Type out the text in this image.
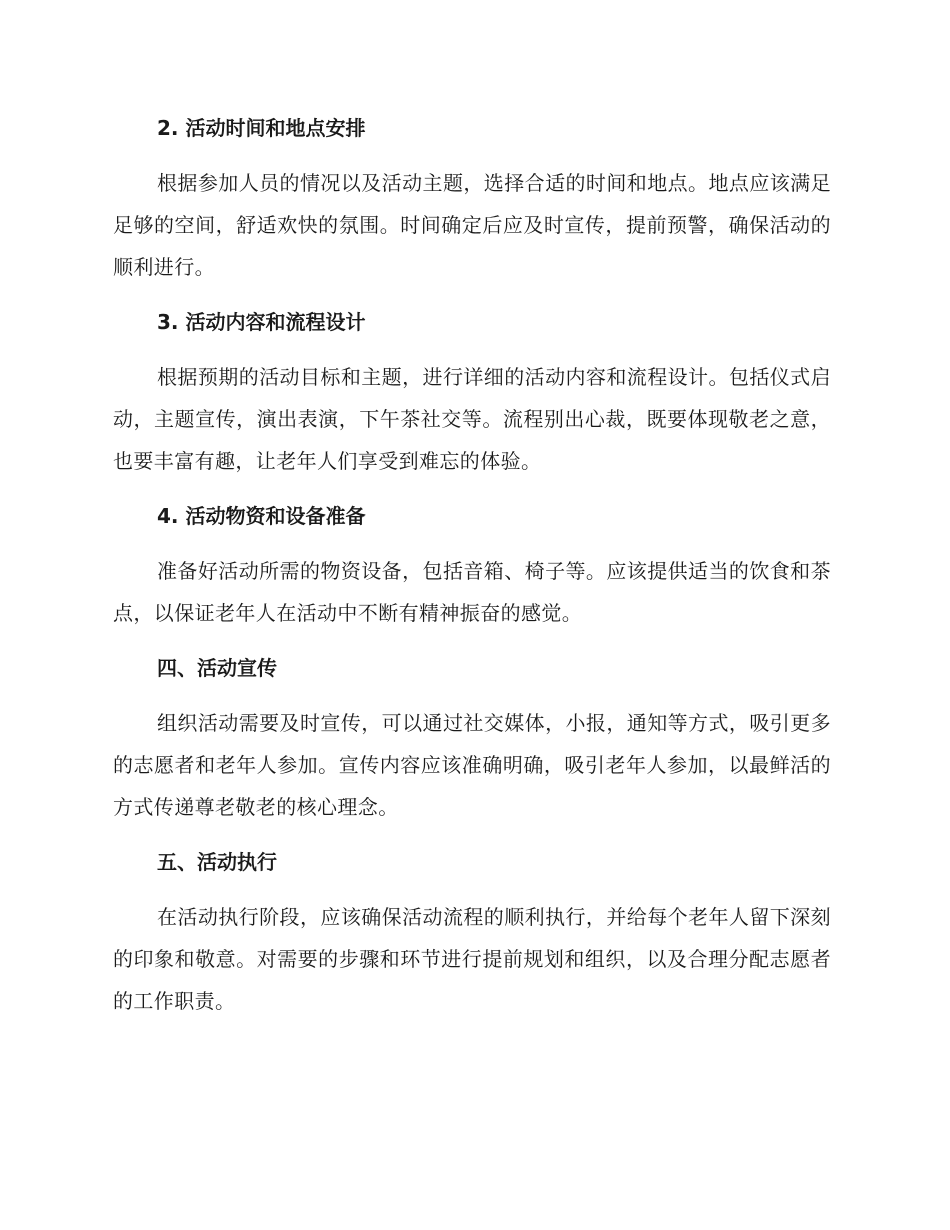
2. 活动时间和地点安排
根据参加人员的情况以及活动主题，选择合适的时间和地点。地点应该满足足够的空间，舒适欢快的氛围。时间确定后应及时宣传，提前预警，确保活动的顺利进行。
3. 活动内容和流程设计
根据预期的活动目标和主题，进行详细的活动内容和流程设计。包括仪式启动，主题宣传，演出表演，下午茶社交等。流程别出心裁，既要体现敬老之意，也要丰富有趣，让老年人们享受到难忘的体验。
4. 活动物资和设备准备
准备好活动所需的物资设备，包括音箱、椅子等。应该提供适当的饮食和茶点，以保证老年人在活动中不断有精神振奋的感觉。
四、活动宣传
组织活动需要及时宣传，可以通过社交媒体，小报，通知等方式，吸引更多的志愿者和老年人参加。宣传内容应该准确明确，吸引老年人参加，以最鲜活的方式传递尊老敬老的核心理念。
五、活动执行
在活动执行阶段，应该确保活动流程的顺利执行，并给每个老年人留下深刻的印象和敬意。对需要的步骤和环节进行提前规划和组织，以及合理分配志愿者的工作职责。
